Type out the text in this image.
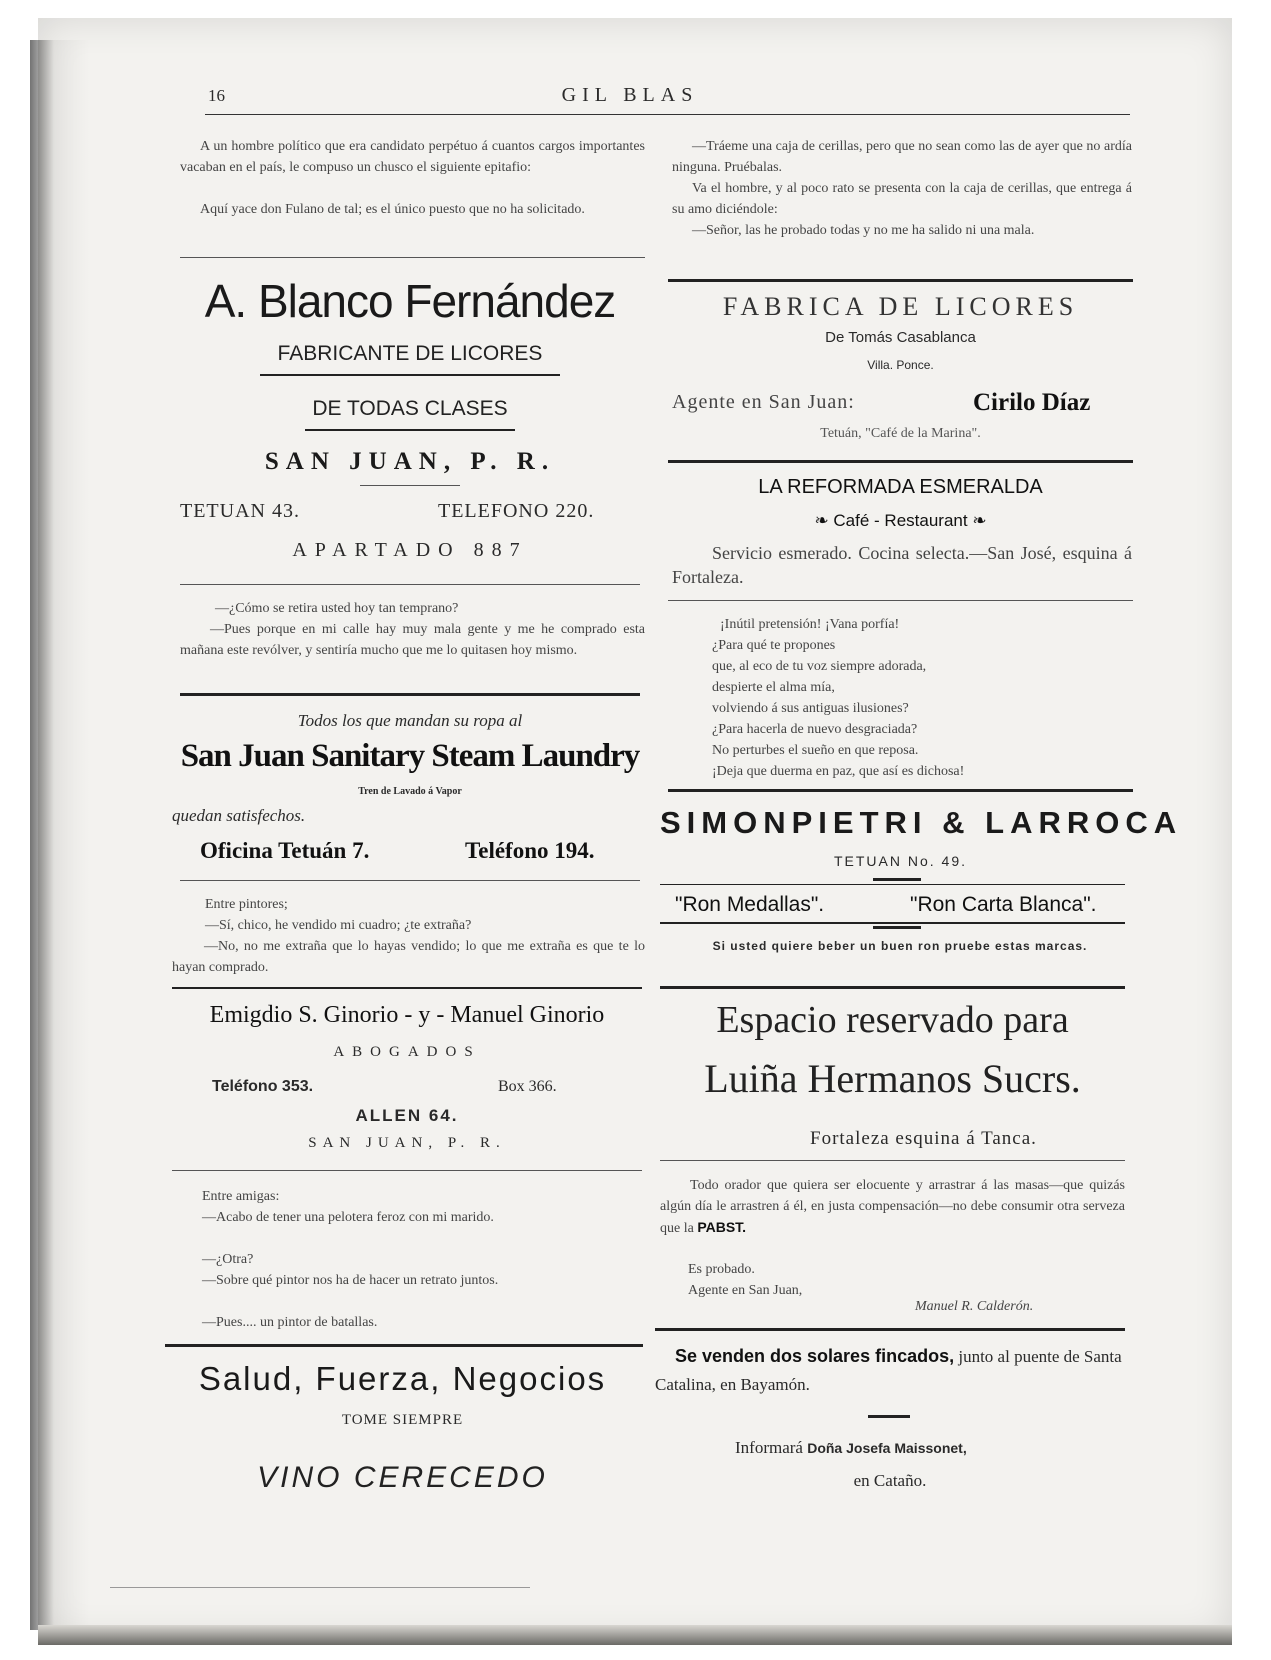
16	GIL BLAS
A un hombre político que era candidato perpétuo á cuantos cargos importantes vacaban en el país, le compuso un chusco el siguiente epitafio:
Aquí yace don Fulano de tal; es el único puesto que no ha solicitado.
A. Blanco Fernández
FABRICANTE DE LICORES
DE TODAS CLASES
SAN JUAN, P. R.
TETUAN 43.	TELEFONO 220.
APARTADO 887
—¿Cómo se retira usted hoy tan temprano?
—Pues porque en mi calle hay muy mala gente y me he comprado esta mañana este revólver, y sentiría mucho que me lo quitasen hoy mismo.
Todos los que mandan su ropa al
San Juan Sanitary Steam Laundry
Tren de Lavado á Vapor
quedan satisfechos.
Oficina Tetuán 7.	Teléfono 194.
Entre pintores;
—Sí, chico, he vendido mi cuadro; ¿te extraña?
—No, no me extraña que lo hayas vendido; lo que me extraña es que te lo hayan comprado.
Emigdio S. Ginorio - y - Manuel Ginorio
ABOGADOS
Teléfono 353.	Box 366.
ALLEN 64.
SAN JUAN, P. R.
Entre amigas:
—Acabo de tener una pelotera feroz con mi marido.
—¿Otra?
—Sobre qué pintor nos ha de hacer un retrato juntos.
—Pues.... un pintor de batallas.
Salud, Fuerza, Negocios
TOME SIEMPRE
VINO CERECEDO
—Tráeme una caja de cerillas, pero que no sean como las de ayer que no ardía ninguna. Pruébalas.
Va el hombre, y al poco rato se presenta con la caja de cerillas, que entrega á su amo diciéndole:
—Señor, las he probado todas y no me ha salido ni una mala.
FABRICA DE LICORES
De Tomás Casablanca
Villa. Ponce.
Agente en San Juan:	Cirilo Díaz
Tetuán, "Café de la Marina".
LA REFORMADA ESMERALDA
❧ Café - Restaurant ❧
Servicio esmerado. Cocina selecta.—San José, esquina á Fortaleza.
¡Inútil pretensión! ¡Vana porfía!
¿Para qué te propones
que, al eco de tu voz siempre adorada,
despierte el alma mía,
volviendo á sus antiguas ilusiones?
¿Para hacerla de nuevo desgraciada?
No perturbes el sueño en que reposa.
¡Deja que duerma en paz, que así es dichosa!
SIMONPIETRI & LARROCA
TETUAN No. 49.
"Ron Medallas".	"Ron Carta Blanca".
Si usted quiere beber un buen ron pruebe estas marcas.
Espacio reservado para
Luiña Hermanos Sucrs.
Fortaleza esquina á Tanca.
Todo orador que quiera ser elocuente y arrastrar á las masas—que quizás algún día le arrastren á él, en justa compensación—no debe consumir otra serveza que la PABST.
Es probado.
Agente en San Juan,
Manuel R. Calderón.
Se venden dos solares fincados, junto al puente de Santa Catalina, en Bayamón.
Informará Doña Josefa Maissonet,
en Cataño.
